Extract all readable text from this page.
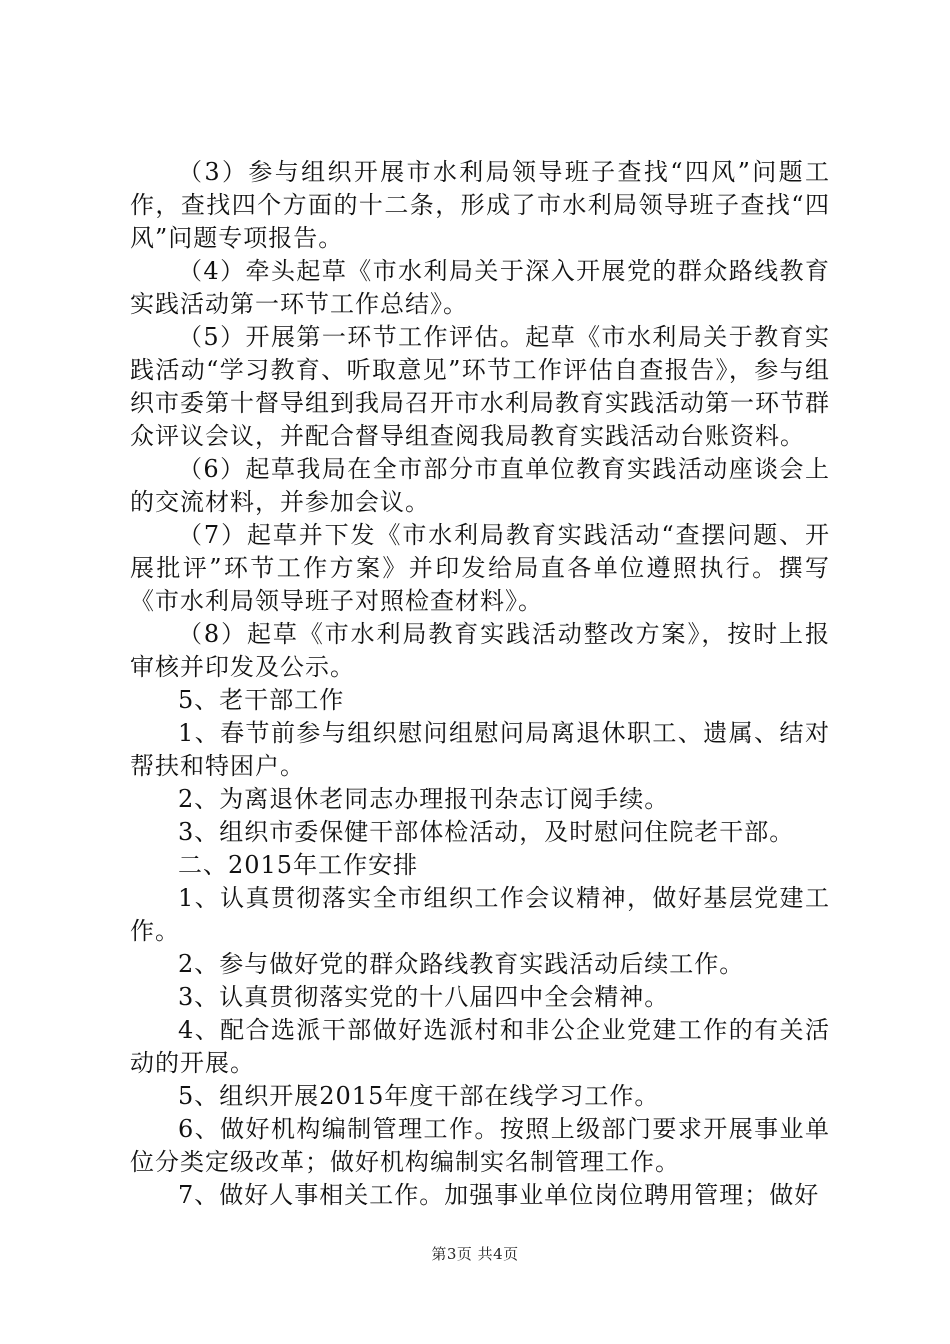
（3）参与组织开展市水利局领导班子查找“四风”问题工作，查找四个方面的十二条，形成了市水利局领导班子查找“四风”问题专项报告。

（4）牵头起草《市水利局关于深入开展党的群众路线教育实践活动第一环节工作总结》。

（5）开展第一环节工作评估。起草《市水利局关于教育实践活动“学习教育、听取意见”环节工作评估自查报告》，参与组织市委第十督导组到我局召开市水利局教育实践活动第一环节群众评议会议，并配合督导组查阅我局教育实践活动台账资料。

（6）起草我局在全市部分市直单位教育实践活动座谈会上的交流材料，并参加会议。

（7）起草并下发《市水利局教育实践活动“查摆问题、开展批评”环节工作方案》并印发给局直各单位遵照执行。撰写《市水利局领导班子对照检查材料》。

（8）起草《市水利局教育实践活动整改方案》，按时上报审核并印发及公示。

5、老干部工作

1、春节前参与组织慰问组慰问局离退休职工、遗属、结对帮扶和特困户。

2、为离退休老同志办理报刊杂志订阅手续。

3、组织市委保健干部体检活动，及时慰问住院老干部。

二、2015年工作安排

1、认真贯彻落实全市组织工作会议精神，做好基层党建工作。

2、参与做好党的群众路线教育实践活动后续工作。

3、认真贯彻落实党的十八届四中全会精神。

4、配合选派干部做好选派村和非公企业党建工作的有关活动的开展。

5、组织开展2015年度干部在线学习工作。

6、做好机构编制管理工作。按照上级部门要求开展事业单位分类定级改革；做好机构编制实名制管理工作。

7、做好人事相关工作。加强事业单位岗位聘用管理；做好

第3页 共4页
